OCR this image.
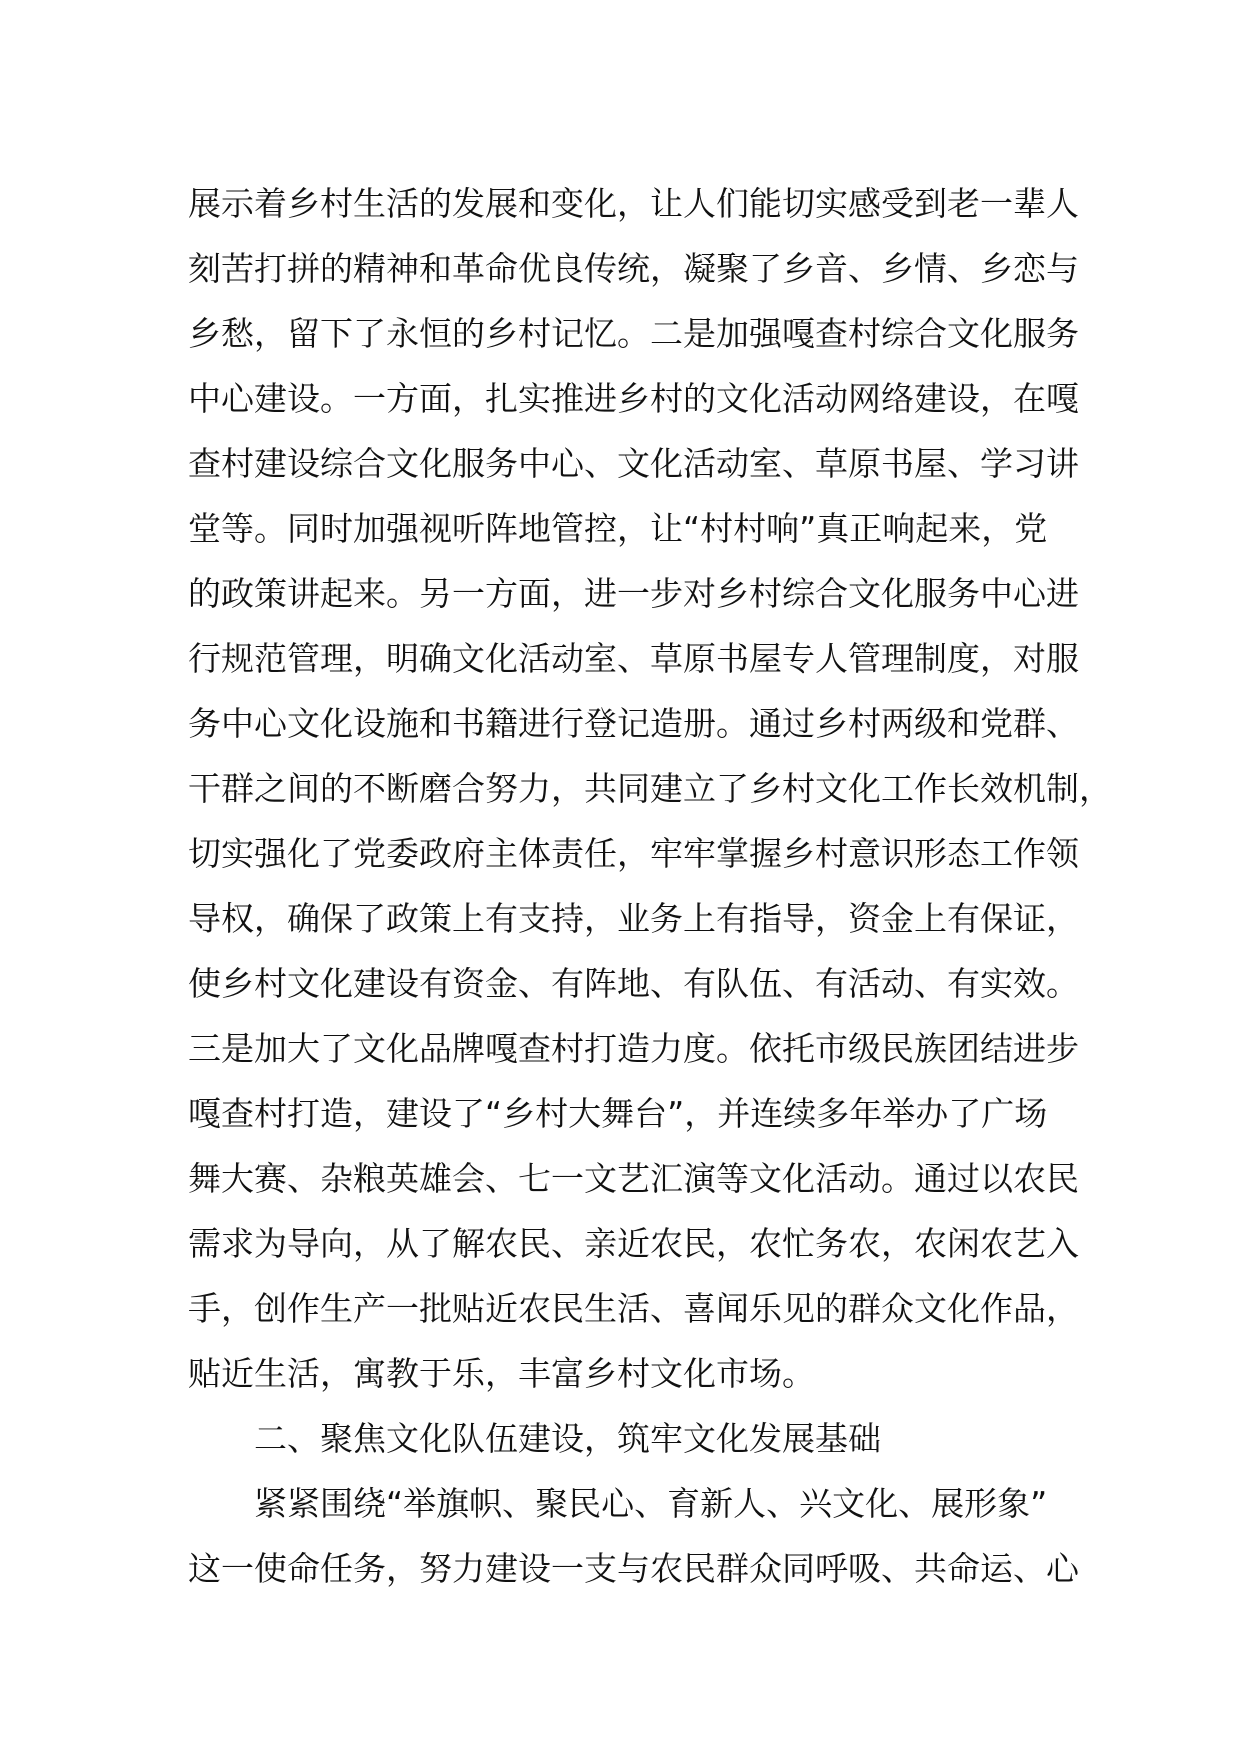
展示着乡村生活的发展和变化，让人们能切实感受到老一辈人
刻苦打拼的精神和革命优良传统，凝聚了乡音、乡情、乡恋与
乡愁，留下了永恒的乡村记忆。二是加强嘎查村综合文化服务
中心建设。一方面，扎实推进乡村的文化活动网络建设，在嘎
查村建设综合文化服务中心、文化活动室、草原书屋、学习讲
堂等。同时加强视听阵地管控，让“村村响”真正响起来，党
的政策讲起来。另一方面，进一步对乡村综合文化服务中心进
行规范管理，明确文化活动室、草原书屋专人管理制度，对服
务中心文化设施和书籍进行登记造册。通过乡村两级和党群、
干群之间的不断磨合努力，共同建立了乡村文化工作长效机制，
切实强化了党委政府主体责任，牢牢掌握乡村意识形态工作领
导权，确保了政策上有支持，业务上有指导，资金上有保证，
使乡村文化建设有资金、有阵地、有队伍、有活动、有实效。
三是加大了文化品牌嘎查村打造力度。依托市级民族团结进步
嘎查村打造，建设了“乡村大舞台”，并连续多年举办了广场
舞大赛、杂粮英雄会、七一文艺汇演等文化活动。通过以农民
需求为导向，从了解农民、亲近农民，农忙务农，农闲农艺入
手，创作生产一批贴近农民生活、喜闻乐见的群众文化作品，
贴近生活，寓教于乐，丰富乡村文化市场。
二、聚焦文化队伍建设，筑牢文化发展基础
紧紧围绕“举旗帜、聚民心、育新人、兴文化、展形象”
这一使命任务，努力建设一支与农民群众同呼吸、共命运、心
